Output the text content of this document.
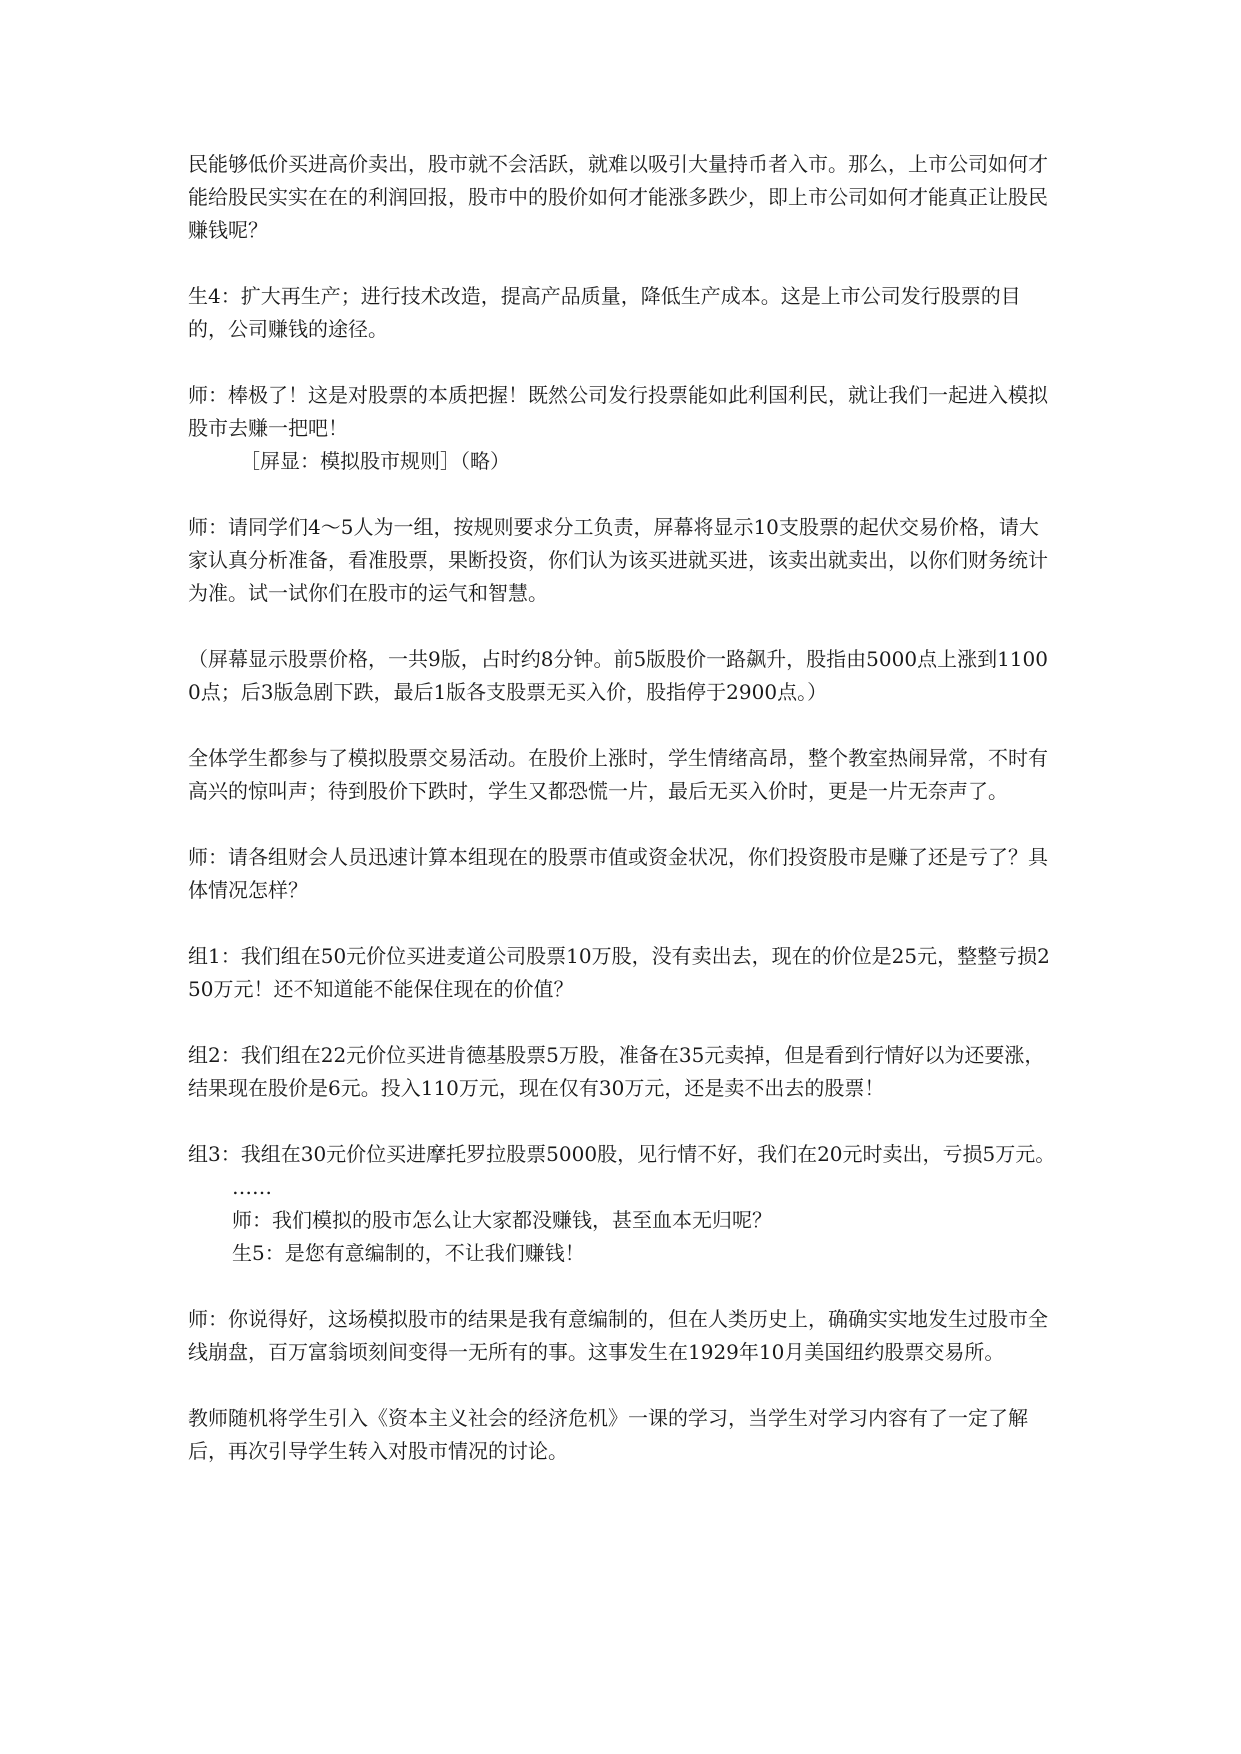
民能够低价买进高价卖出，股市就不会活跃，就难以吸引大量持币者入市。那么，上市公司如何才能给股民实实在在的利润回报，股市中的股价如何才能涨多跌少，即上市公司如何才能真正让股民赚钱呢？

生4：扩大再生产；进行技术改造，提高产品质量，降低生产成本。这是上市公司发行股票的目的，公司赚钱的途径。

师：棒极了！这是对股票的本质把握！既然公司发行投票能如此利国利民，就让我们一起进入模拟股市去赚一把吧！

［屏显：模拟股市规则］（略）

师：请同学们4～5人为一组，按规则要求分工负责，屏幕将显示10支股票的起伏交易价格，请大家认真分析准备，看准股票，果断投资，你们认为该买进就买进，该卖出就卖出，以你们财务统计为准。试一试你们在股市的运气和智慧。

（屏幕显示股票价格，一共9版，占时约8分钟。前5版股价一路飙升，股指由5000点上涨到11000点；后3版急剧下跌，最后1版各支股票无买入价，股指停于2900点。）

全体学生都参与了模拟股票交易活动。在股价上涨时，学生情绪高昂，整个教室热闹异常，不时有高兴的惊叫声；待到股价下跌时，学生又都恐慌一片，最后无买入价时，更是一片无奈声了。

师：请各组财会人员迅速计算本组现在的股票市值或资金状况，你们投资股市是赚了还是亏了？具体情况怎样？

组1：我们组在50元价位买进麦道公司股票10万股，没有卖出去，现在的价位是25元，整整亏损250万元！还不知道能不能保住现在的价值？

组2：我们组在22元价位买进肯德基股票5万股，准备在35元卖掉，但是看到行情好以为还要涨，结果现在股价是6元。投入110万元，现在仅有30万元，还是卖不出去的股票！

组3：我组在30元价位买进摩托罗拉股票5000股，见行情不好，我们在20元时卖出，亏损5万元。

……

师：我们模拟的股市怎么让大家都没赚钱，甚至血本无归呢？

生5：是您有意编制的，不让我们赚钱！

师：你说得好，这场模拟股市的结果是我有意编制的，但在人类历史上，确确实实地发生过股市全线崩盘，百万富翁顷刻间变得一无所有的事。这事发生在1929年10月美国纽约股票交易所。

教师随机将学生引入《资本主义社会的经济危机》一课的学习，当学生对学习内容有了一定了解后，再次引导学生转入对股市情况的讨论。
